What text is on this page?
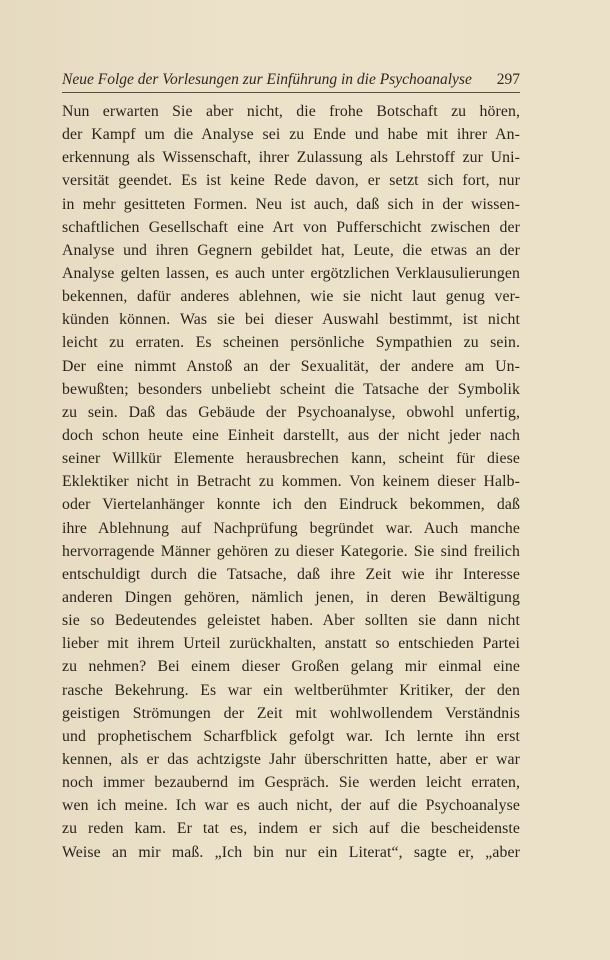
Neue Folge der Vorlesungen zur Einführung in die Psychoanalyse 297
Nun erwarten Sie aber nicht, die frohe Botschaft zu hören,
der Kampf um die Analyse sei zu Ende und habe mit ihrer An-
erkennung als Wissenschaft, ihrer Zulassung als Lehrstoff zur Uni-
versität geendet. Es ist keine Rede davon, er setzt sich fort, nur
in mehr gesitteten Formen. Neu ist auch, daß sich in der wissen-
schaftlichen Gesellschaft eine Art von Pufferschicht zwischen der
Analyse und ihren Gegnern gebildet hat, Leute, die etwas an der
Analyse gelten lassen, es auch unter ergötzlichen Verklausulierungen
bekennen, dafür anderes ablehnen, wie sie nicht laut genug ver-
künden können. Was sie bei dieser Auswahl bestimmt, ist nicht
leicht zu erraten. Es scheinen persönliche Sympathien zu sein.
Der eine nimmt Anstoß an der Sexualität, der andere am Un-
bewußten; besonders unbeliebt scheint die Tatsache der Symbolik
zu sein. Daß das Gebäude der Psychoanalyse, obwohl unfertig,
doch schon heute eine Einheit darstellt, aus der nicht jeder nach
seiner Willkür Elemente herausbrechen kann, scheint für diese
Eklektiker nicht in Betracht zu kommen. Von keinem dieser Halb-
oder Viertelanhänger konnte ich den Eindruck bekommen, daß
ihre Ablehnung auf Nachprüfung begründet war. Auch manche
hervorragende Männer gehören zu dieser Kategorie. Sie sind freilich
entschuldigt durch die Tatsache, daß ihre Zeit wie ihr Interesse
anderen Dingen gehören, nämlich jenen, in deren Bewältigung
sie so Bedeutendes geleistet haben. Aber sollten sie dann nicht
lieber mit ihrem Urteil zurückhalten, anstatt so entschieden Partei
zu nehmen? Bei einem dieser Großen gelang mir einmal eine
rasche Bekehrung. Es war ein weltberühmter Kritiker, der den
geistigen Strömungen der Zeit mit wohlwollendem Verständnis
und prophetischem Scharfblick gefolgt war. Ich lernte ihn erst
kennen, als er das achtzigste Jahr überschritten hatte, aber er war
noch immer bezaubernd im Gespräch. Sie werden leicht erraten,
wen ich meine. Ich war es auch nicht, der auf die Psychoanalyse
zu reden kam. Er tat es, indem er sich auf die bescheidenste
Weise an mir maß. „Ich bin nur ein Literat“, sagte er, „aber
